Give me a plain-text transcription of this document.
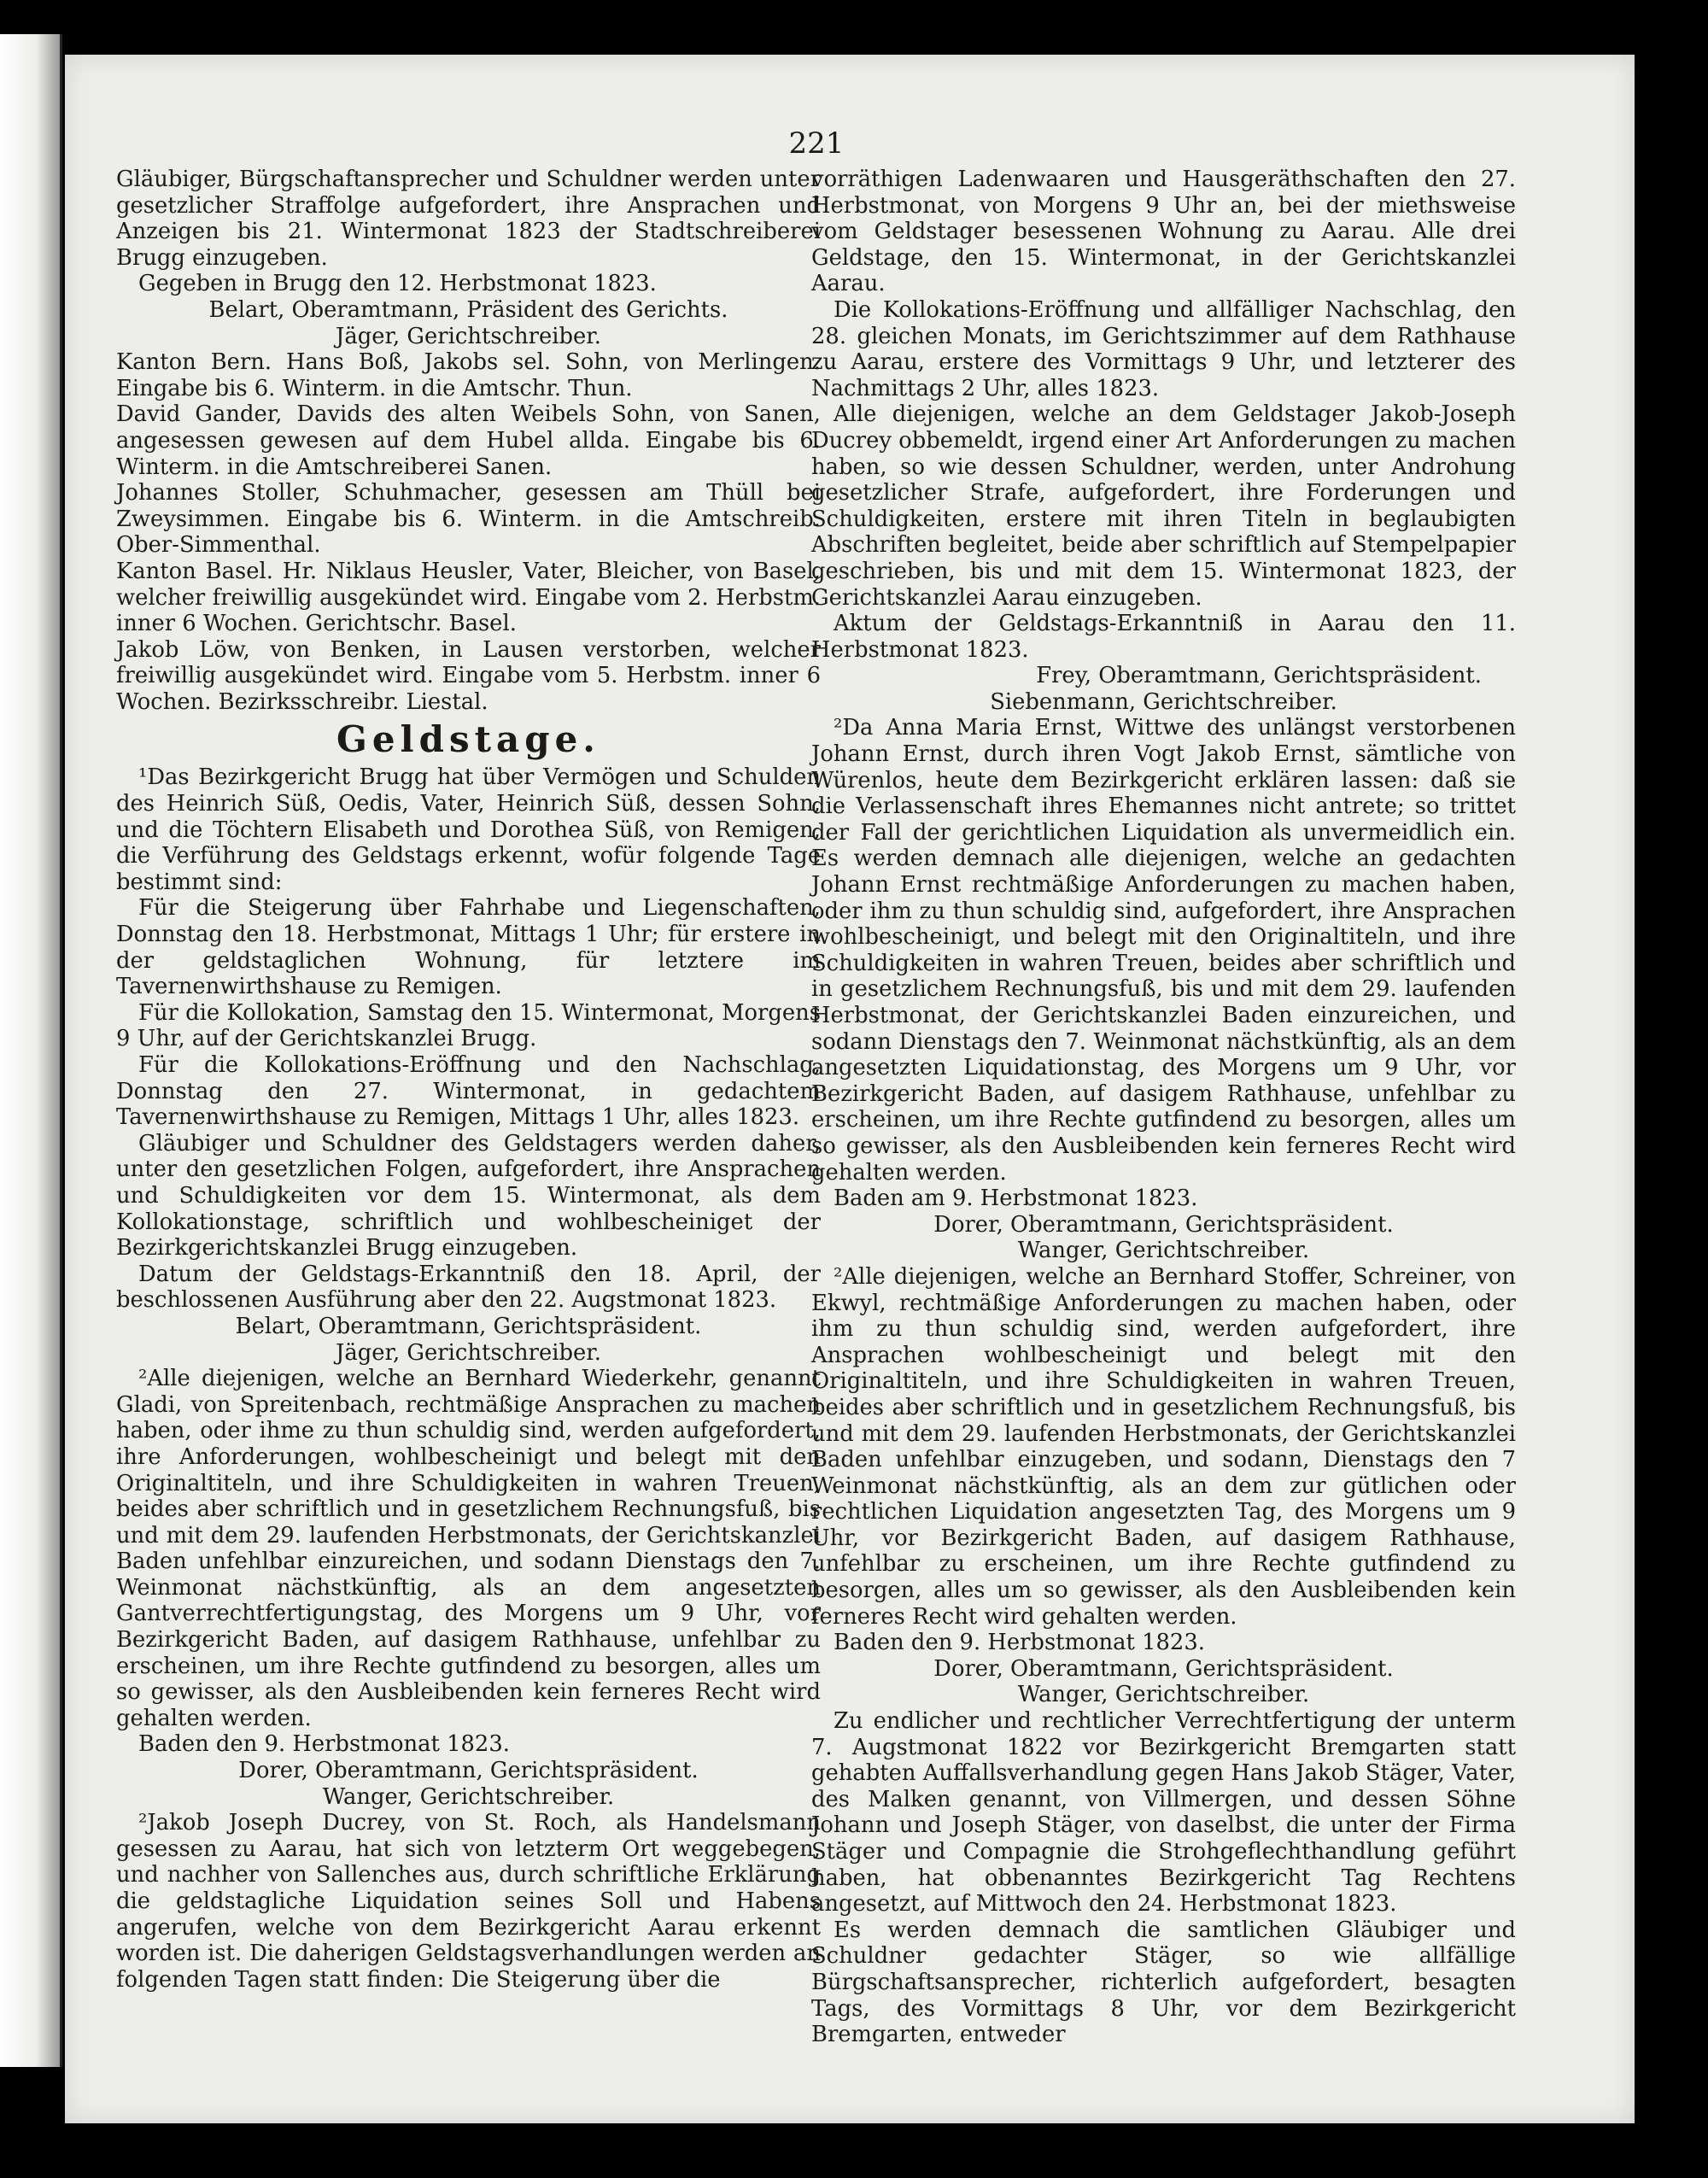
221
Gläubiger, Bürgschaftansprecher und Schuldner werden unter gesetzlicher Straffolge aufgefordert, ihre Ansprachen und Anzeigen bis 21. Wintermonat 1823 der Stadtschreiberei Brugg einzugeben.
Gegeben in Brugg den 12. Herbstmonat 1823.
Belart, Oberamtmann, Präsident des Gerichts.
Jäger, Gerichtschreiber.
Kanton Bern. Hans Boß, Jakobs sel. Sohn, von Merlingen. Eingabe bis 6. Winterm. in die Amtschr. Thun.
David Gander, Davids des alten Weibels Sohn, von Sanen, angesessen gewesen auf dem Hubel allda. Eingabe bis 6. Winterm. in die Amtschreiberei Sanen.
Johannes Stoller, Schuhmacher, gesessen am Thüll bei Zweysimmen. Eingabe bis 6. Winterm. in die Amtschreib. Ober-Simmenthal.
Kanton Basel. Hr. Niklaus Heusler, Vater, Bleicher, von Basel, welcher freiwillig ausgekündet wird. Eingabe vom 2. Herbstm. inner 6 Wochen. Gerichtschr. Basel.
Jakob Löw, von Benken, in Lausen verstorben, welcher freiwillig ausgekündet wird. Eingabe vom 5. Herbstm. inner 6 Wochen. Bezirksschreibr. Liestal.
Geldstage.
¹Das Bezirkgericht Brugg hat über Vermögen und Schulden des Heinrich Süß, Oedis, Vater, Heinrich Süß, dessen Sohn, und die Töchtern Elisabeth und Dorothea Süß, von Remigen, die Verführung des Geldstags erkennt, wofür folgende Tage bestimmt sind:
Für die Steigerung über Fahrhabe und Liegenschaften, Donnstag den 18. Herbstmonat, Mittags 1 Uhr; für erstere in der geldstaglichen Wohnung, für letztere im Tavernenwirthshause zu Remigen.
Für die Kollokation, Samstag den 15. Wintermonat, Morgens 9 Uhr, auf der Gerichtskanzlei Brugg.
Für die Kollokations-Eröffnung und den Nachschlag, Donnstag den 27. Wintermonat, in gedachtem Tavernenwirthshause zu Remigen, Mittags 1 Uhr, alles 1823.
Gläubiger und Schuldner des Geldstagers werden daher, unter den gesetzlichen Folgen, aufgefordert, ihre Ansprachen und Schuldigkeiten vor dem 15. Wintermonat, als dem Kollokationstage, schriftlich und wohlbescheiniget der Bezirkgerichtskanzlei Brugg einzugeben.
Datum der Geldstags-Erkanntniß den 18. April, der beschlossenen Ausführung aber den 22. Augstmonat 1823.
Belart, Oberamtmann, Gerichtspräsident.
Jäger, Gerichtschreiber.
²Alle diejenigen, welche an Bernhard Wiederkehr, genannt Gladi, von Spreitenbach, rechtmäßige Ansprachen zu machen haben, oder ihme zu thun schuldig sind, werden aufgefordert, ihre Anforderungen, wohlbescheinigt und belegt mit den Originaltiteln, und ihre Schuldigkeiten in wahren Treuen, beides aber schriftlich und in gesetzlichem Rechnungsfuß, bis und mit dem 29. laufenden Herbstmonats, der Gerichtskanzlei Baden unfehlbar einzureichen, und sodann Dienstags den 7. Weinmonat nächstkünftig, als an dem angesetzten Gantverrechtfertigungstag, des Morgens um 9 Uhr, vor Bezirkgericht Baden, auf dasigem Rathhause, unfehlbar zu erscheinen, um ihre Rechte gutfindend zu besorgen, alles um so gewisser, als den Ausbleibenden kein ferneres Recht wird gehalten werden.
Baden den 9. Herbstmonat 1823.
Dorer, Oberamtmann, Gerichtspräsident.
Wanger, Gerichtschreiber.
²Jakob Joseph Ducrey, von St. Roch, als Handelsmann gesessen zu Aarau, hat sich von letzterm Ort weggebegen, und nachher von Sallenches aus, durch schriftliche Erklärung die geldstagliche Liquidation seines Soll und Habens angerufen, welche von dem Bezirkgericht Aarau erkennt worden ist. Die daherigen Geldstagsverhandlungen werden an folgenden Tagen statt finden: Die Steigerung über die
vorräthigen Ladenwaaren und Hausgeräthschaften den 27. Herbstmonat, von Morgens 9 Uhr an, bei der miethsweise vom Geldstager besessenen Wohnung zu Aarau. Alle drei Geldstage, den 15. Wintermonat, in der Gerichtskanzlei Aarau.
Die Kollokations-Eröffnung und allfälliger Nachschlag, den 28. gleichen Monats, im Gerichtszimmer auf dem Rathhause zu Aarau, erstere des Vormittags 9 Uhr, und letzterer des Nachmittags 2 Uhr, alles 1823.
Alle diejenigen, welche an dem Geldstager Jakob-Joseph Ducrey obbemeldt, irgend einer Art Anforderungen zu machen haben, so wie dessen Schuldner, werden, unter Androhung gesetzlicher Strafe, aufgefordert, ihre Forderungen und Schuldigkeiten, erstere mit ihren Titeln in beglaubigten Abschriften begleitet, beide aber schriftlich auf Stempelpapier geschrieben, bis und mit dem 15. Wintermonat 1823, der Gerichtskanzlei Aarau einzugeben.
Aktum der Geldstags-Erkanntniß in Aarau den 11. Herbstmonat 1823.
Frey, Oberamtmann, Gerichtspräsident.
Siebenmann, Gerichtschreiber.
²Da Anna Maria Ernst, Wittwe des unlängst verstorbenen Johann Ernst, durch ihren Vogt Jakob Ernst, sämtliche von Würenlos, heute dem Bezirkgericht erklären lassen: daß sie die Verlassenschaft ihres Ehemannes nicht antrete; so trittet der Fall der gerichtlichen Liquidation als unvermeidlich ein. Es werden demnach alle diejenigen, welche an gedachten Johann Ernst rechtmäßige Anforderungen zu machen haben, oder ihm zu thun schuldig sind, aufgefordert, ihre Ansprachen wohlbescheinigt, und belegt mit den Originaltiteln, und ihre Schuldigkeiten in wahren Treuen, beides aber schriftlich und in gesetzlichem Rechnungsfuß, bis und mit dem 29. laufenden Herbstmonat, der Gerichtskanzlei Baden einzureichen, und sodann Dienstags den 7. Weinmonat nächstkünftig, als an dem angesetzten Liquidationstag, des Morgens um 9 Uhr, vor Bezirkgericht Baden, auf dasigem Rathhause, unfehlbar zu erscheinen, um ihre Rechte gutfindend zu besorgen, alles um so gewisser, als den Ausbleibenden kein ferneres Recht wird gehalten werden.
Baden am 9. Herbstmonat 1823.
Dorer, Oberamtmann, Gerichtspräsident.
Wanger, Gerichtschreiber.
²Alle diejenigen, welche an Bernhard Stoffer, Schreiner, von Ekwyl, rechtmäßige Anforderungen zu machen haben, oder ihm zu thun schuldig sind, werden aufgefordert, ihre Ansprachen wohlbescheinigt und belegt mit den Originaltiteln, und ihre Schuldigkeiten in wahren Treuen, beides aber schriftlich und in gesetzlichem Rechnungsfuß, bis und mit dem 29. laufenden Herbstmonats, der Gerichtskanzlei Baden unfehlbar einzugeben, und sodann, Dienstags den 7 Weinmonat nächstkünftig, als an dem zur gütlichen oder rechtlichen Liquidation angesetzten Tag, des Morgens um 9 Uhr, vor Bezirkgericht Baden, auf dasigem Rathhause, unfehlbar zu erscheinen, um ihre Rechte gutfindend zu besorgen, alles um so gewisser, als den Ausbleibenden kein ferneres Recht wird gehalten werden.
Baden den 9. Herbstmonat 1823.
Dorer, Oberamtmann, Gerichtspräsident.
Wanger, Gerichtschreiber.
Zu endlicher und rechtlicher Verrechtfertigung der unterm 7. Augstmonat 1822 vor Bezirkgericht Bremgarten statt gehabten Auffallsverhandlung gegen Hans Jakob Stäger, Vater, des Malken genannt, von Villmergen, und dessen Söhne Johann und Joseph Stäger, von daselbst, die unter der Firma Stäger und Compagnie die Strohgeflechthandlung geführt haben, hat obbenanntes Bezirkgericht Tag Rechtens angesetzt, auf Mittwoch den 24. Herbstmonat 1823.
Es werden demnach die samtlichen Gläubiger und Schuldner gedachter Stäger, so wie allfällige Bürgschaftsansprecher, richterlich aufgefordert, besagten Tags, des Vormittags 8 Uhr, vor dem Bezirkgericht Bremgarten, entweder
